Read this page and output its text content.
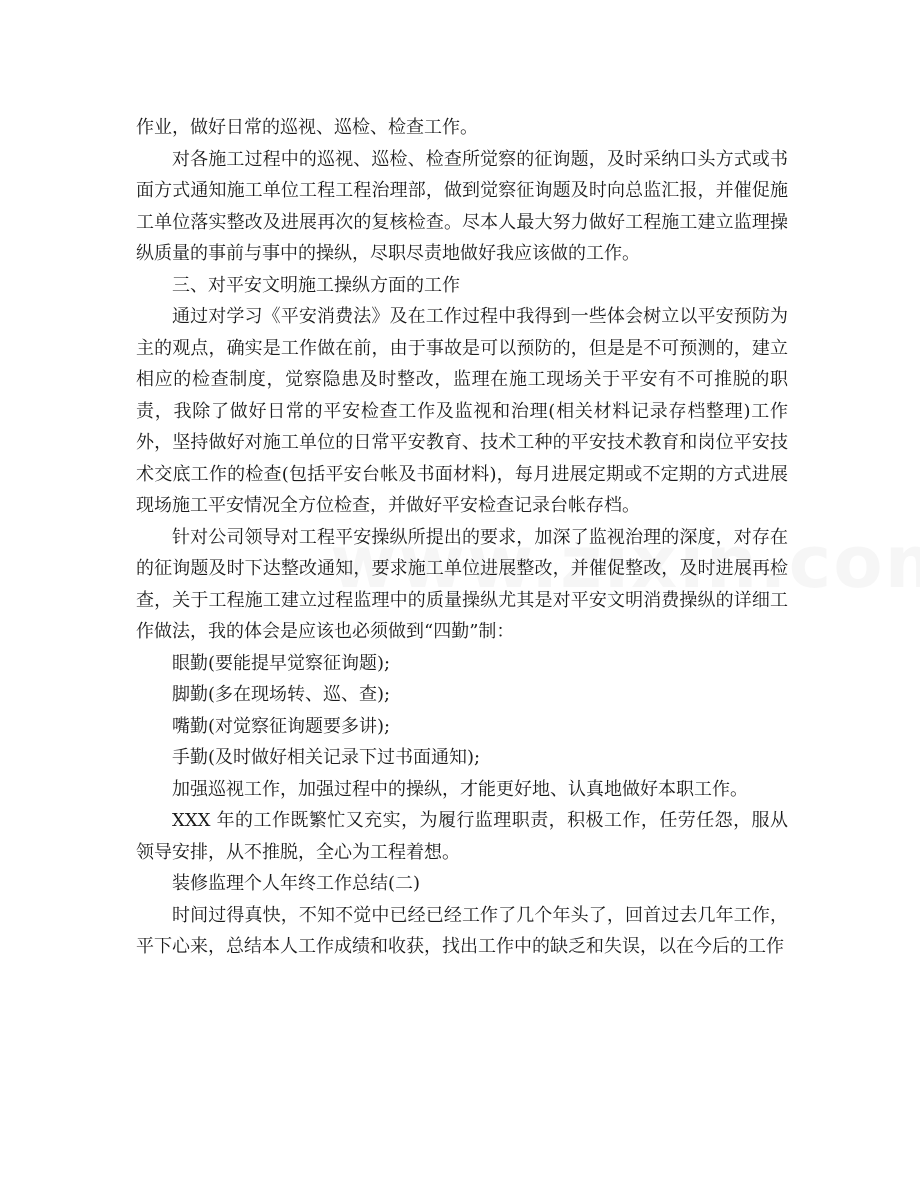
作业，做好日常的巡视、巡检、检查工作。

对各施工过程中的巡视、巡检、检查所觉察的征询题，及时采纳口头方式或书面方式通知施工单位工程工程治理部，做到觉察征询题及时向总监汇报，并催促施工单位落实整改及进展再次的复核检查。尽本人最大努力做好工程施工建立监理操纵质量的事前与事中的操纵，尽职尽责地做好我应该做的工作。

三、对平安文明施工操纵方面的工作

通过对学习《平安消费法》及在工作过程中我得到一些体会树立以平安预防为主的观点，确实是工作做在前，由于事故是可以预防的，但是是不可预测的，建立相应的检查制度，觉察隐患及时整改，监理在施工现场关于平安有不可推脱的职责，我除了做好日常的平安检查工作及监视和治理(相关材料记录存档整理)工作外，坚持做好对施工单位的日常平安教育、技术工种的平安技术教育和岗位平安技术交底工作的检查(包括平安台帐及书面材料)，每月进展定期或不定期的方式进展现场施工平安情况全方位检查，并做好平安检查记录台帐存档。

针对公司领导对工程平安操纵所提出的要求，加深了监视治理的深度，对存在的征询题及时下达整改通知，要求施工单位进展整改，并催促整改，及时进展再检查，关于工程施工建立过程监理中的质量操纵尤其是对平安文明消费操纵的详细工作做法，我的体会是应该也必须做到“四勤”制：

眼勤(要能提早觉察征询题);

脚勤(多在现场转、巡、查);

嘴勤(对觉察征询题要多讲);

手勤(及时做好相关记录下过书面通知);

加强巡视工作，加强过程中的操纵，才能更好地、认真地做好本职工作。

XXX 年的工作既繁忙又充实，为履行监理职责，积极工作，任劳任怨，服从领导安排，从不推脱，全心为工程着想。

装修监理个人年终工作总结(二)

时间过得真快，不知不觉中已经已经工作了几个年头了，回首过去几年工作，平下心来，总结本人工作成绩和收获，找出工作中的缺乏和失误，以在今后的工作
